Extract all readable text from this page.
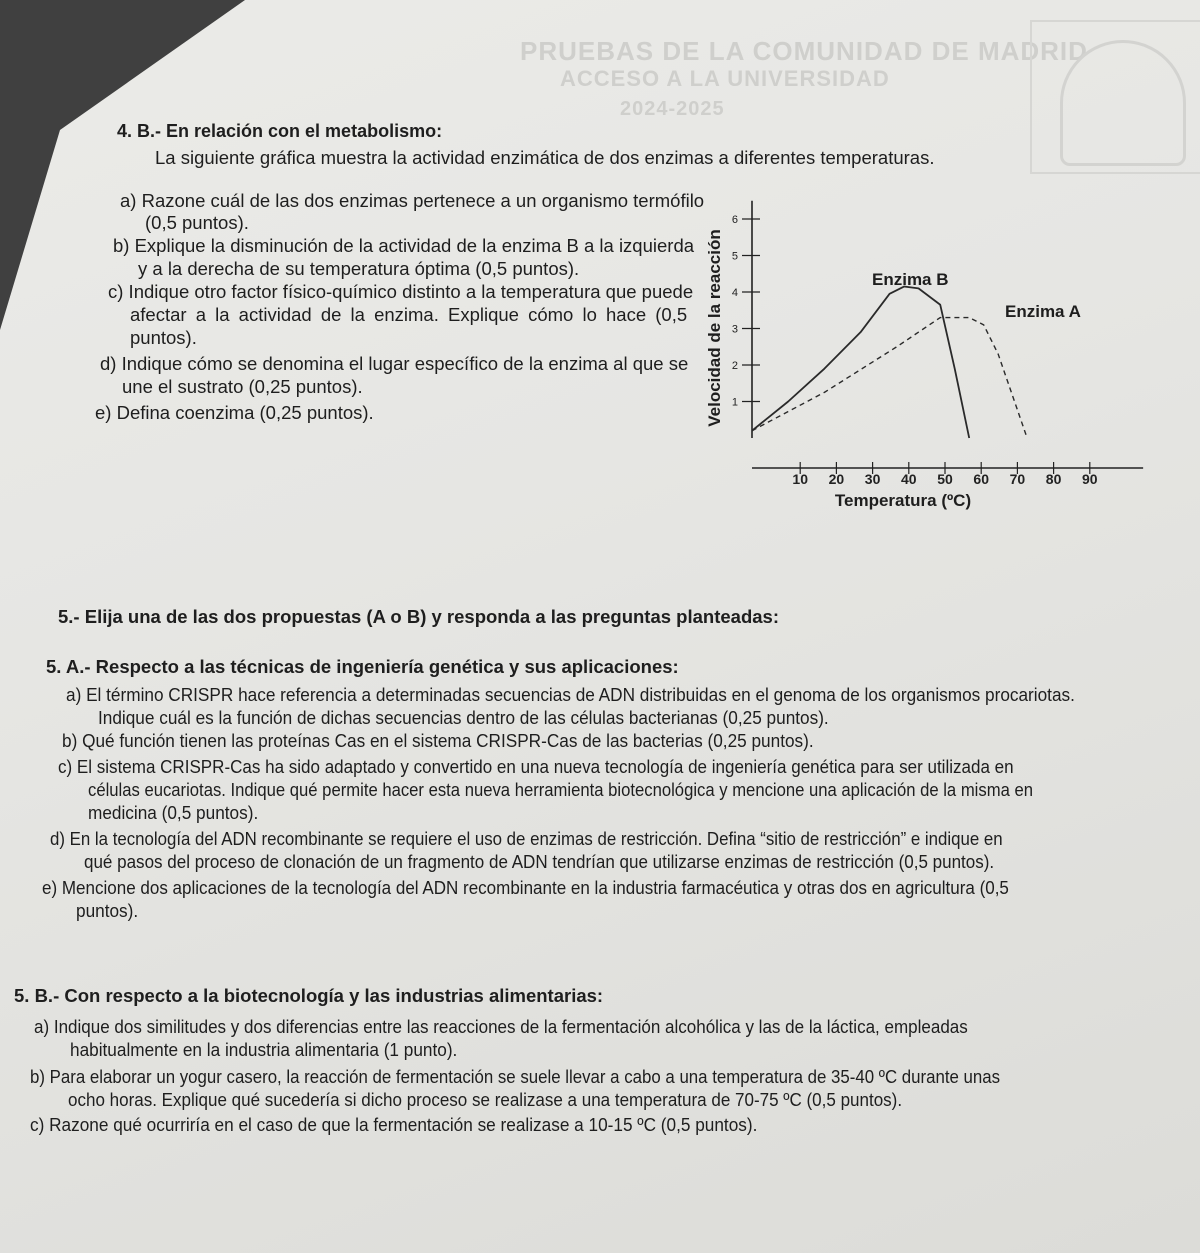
PRUEBAS DE LA COMUNIDAD DE MADRID
ACCESO A LA UNIVERSIDAD
2024-2025
4. B.- En relación con el metabolismo:
La siguiente gráfica muestra la actividad enzimática de dos enzimas a diferentes temperaturas.
a) Razone cuál de las dos enzimas pertenece a un organismo termófilo
(0,5 puntos).
b) Explique la disminución de la actividad de la enzima B a la izquierda
y a la derecha de su temperatura óptima (0,5 puntos).
c) Indique otro factor físico-químico distinto a la temperatura que puede
afectar a la actividad de la enzima. Explique cómo lo hace (0,5
puntos).
d) Indique cómo se denomina el lugar específico de la enzima al que se
une el sustrato (0,25 puntos).
e) Defina coenzima (0,25 puntos).	1
2
3
4
5
6
10 20 30 40 50 60 70 80 90
Velocidad de la reacción
Temperatura (ºC)
Enzima B
Enzima A
5.- Elija una de las dos propuestas (A o B) y responda a las preguntas planteadas:
5. A.- Respecto a las técnicas de ingeniería genética y sus aplicaciones:
a) El término CRISPR hace referencia a determinadas secuencias de ADN distribuidas en el genoma de los organismos procariotas.
Indique cuál es la función de dichas secuencias dentro de las células bacterianas (0,25 puntos).
b) Qué función tienen las proteínas Cas en el sistema CRISPR-Cas de las bacterias (0,25 puntos).
c) El sistema CRISPR-Cas ha sido adaptado y convertido en una nueva tecnología de ingeniería genética para ser utilizada en
células eucariotas. Indique qué permite hacer esta nueva herramienta biotecnológica y mencione una aplicación de la misma en
medicina (0,5 puntos).
d) En la tecnología del ADN recombinante se requiere el uso de enzimas de restricción. Defina “sitio de restricción” e indique en
qué pasos del proceso de clonación de un fragmento de ADN tendrían que utilizarse enzimas de restricción (0,5 puntos).
e) Mencione dos aplicaciones de la tecnología del ADN recombinante en la industria farmacéutica y otras dos en agricultura (0,5
puntos).
5. B.- Con respecto a la biotecnología y las industrias alimentarias:
a) Indique dos similitudes y dos diferencias entre las reacciones de la fermentación alcohólica y las de la láctica, empleadas
habitualmente en la industria alimentaria (1 punto).
b) Para elaborar un yogur casero, la reacción de fermentación se suele llevar a cabo a una temperatura de 35-40 ºC durante unas
ocho horas. Explique qué sucedería si dicho proceso se realizase a una temperatura de 70-75 ºC (0,5 puntos).
c) Razone qué ocurriría en el caso de que la fermentación se realizase a 10-15 ºC (0,5 puntos).
